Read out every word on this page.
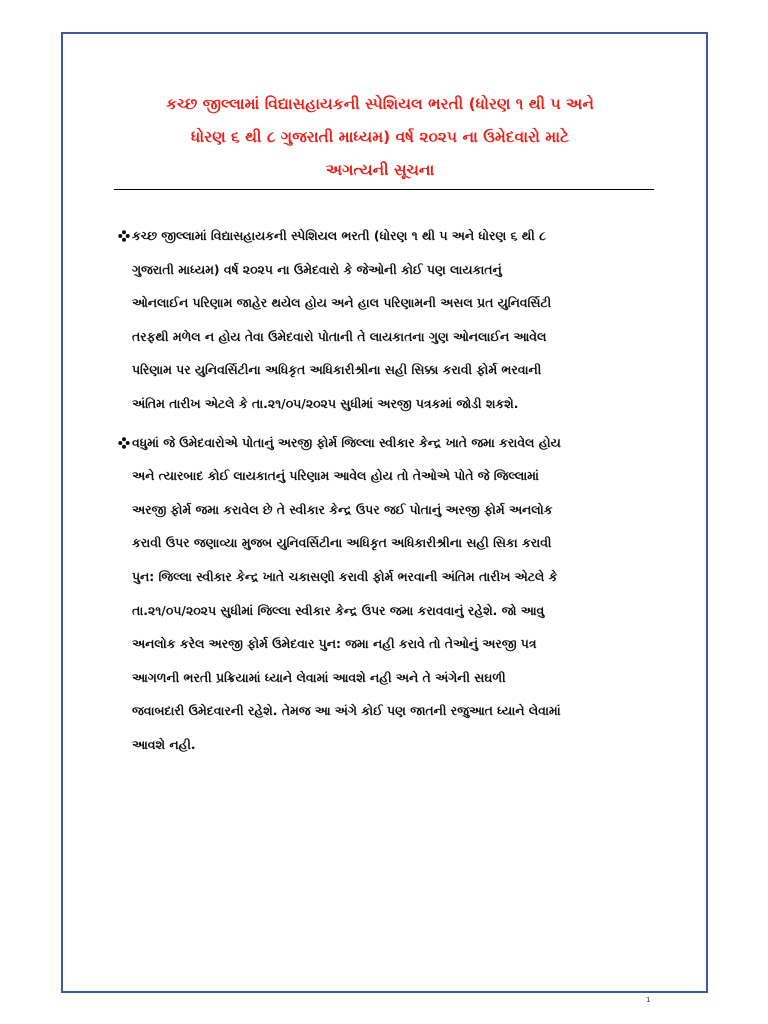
કચ્છ જીલ્લામાં વિદ્યાસહાયકની સ્પેશિયલ ભરતી (ધોરણ ૧ થી ૫ અને
ધોરણ ૬ થી ૮ ગુજરાતી માધ્યમ) વર્ષ ૨૦૨૫ ના ઉમેદવારો માટે
અગત્યની સૂચના
કચ્છ જીલ્લામાં વિદ્યાસહાયકની સ્પેશિયલ ભરતી (ધોરણ ૧ થી ૫ અને ધોરણ ૬ થી ૮
ગુજરાતી માધ્યમ) વર્ષ ૨૦૨૫ ના ઉમેદવારો કે જેઓની કોઈ પણ લાયકાતનું
ઓનલાઈન પરિણામ જાહેર થયેલ હોય અને હાલ પરિણામની અસલ પ્રત યુનિવર્સિટી
તરફથી મળેલ ન હોય તેવા ઉમેદવારો પોતાની તે લાયકાતના ગુણ ઓનલાઈન આવેલ
પરિણામ પર યુનિવર્સિટીના અધિકૃત અધિકારીશ્રીના સહી સિક્કા કરાવી ફોર્મ ભરવાની
અંતિમ તારીખ એટલે કે તા.૨૧/૦૫/૨૦૨૫ સુધીમાં અરજી પત્રકમાં જોડી શકશે.
વધુમાં જે ઉમેદવારોએ પોતાનું અરજી ફોર્મ જિલ્લા સ્વીકાર કેન્દ્ર ખાતે જમા કરાવેલ હોય
અને ત્યારબાદ કોઈ લાયકાતનું પરિણામ આવેલ હોય તો તેઓએ પોતે જે જિલ્લામાં
અરજી ફોર્મ જમા કરાવેલ છે તે સ્વીકાર કેન્દ્ર ઉપર જઈ પોતાનું અરજી ફોર્મ અનલોક
કરાવી ઉપર જણાવ્યા મુજબ યુનિવર્સિટીના અધિકૃત અધિકારીશ્રીના સહી સિકા કરાવી
પુન: જિલ્લા સ્વીકાર કેન્દ્ર ખાતે ચકાસણી કરાવી ફોર્મ ભરવાની અંતિમ તારીખ એટલે કે
તા.૨૧/૦૫/૨૦૨૫ સુધીમાં જિલ્લા સ્વીકાર કેન્દ્ર ઉપર જમા કરાવવાનું રહેશે. જો આવુ
અનલોક કરેલ અરજી ફોર્મ ઉમેદવાર પુન: જમા નહી કરાવે તો તેઓનું અરજી પત્ર
આગળની ભરતી પ્રક્રિયામાં ધ્યાને લેવામાં આવશે નહી અને તે અંગેની સઘળી
જવાબદારી ઉમેદવારની રહેશે. તેમજ આ અંગે કોઈ પણ જાતની રજુઆત ધ્યાને લેવામાં
આવશે નહી.
1
